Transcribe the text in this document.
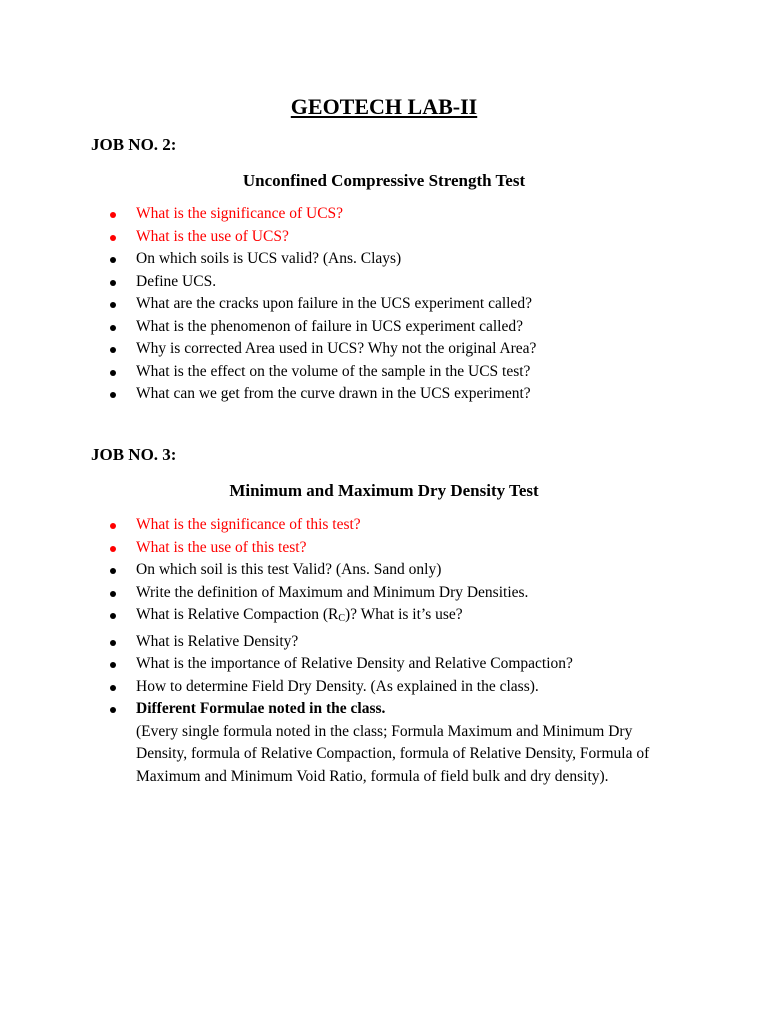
GEOTECH LAB-II
JOB NO. 2:
Unconfined Compressive Strength Test
What is the significance of UCS?
What is the use of UCS?
On which soils is UCS valid? (Ans. Clays)
Define UCS.
What are the cracks upon failure in the UCS experiment called?
What is the phenomenon of failure in UCS experiment called?
Why is corrected Area used in UCS? Why not the original Area?
What is the effect on the volume of the sample in the UCS test?
What can we get from the curve drawn in the UCS experiment?
JOB NO. 3:
Minimum and Maximum Dry Density Test
What is the significance of this test?
What is the use of this test?
On which soil is this test Valid? (Ans. Sand only)
Write the definition of Maximum and Minimum Dry Densities.
What is Relative Compaction $(R_C)$? What is it’s use?
What is Relative Density?
What is the importance of Relative Density and Relative Compaction?
How to determine Field Dry Density. (As explained in the class).
Different Formulae noted in the class.
(Every single formula noted in the class; Formula Maximum and Minimum Dry Density, formula of Relative Compaction, formula of Relative Density, Formula of Maximum and Minimum Void Ratio, formula of field bulk and dry density).
